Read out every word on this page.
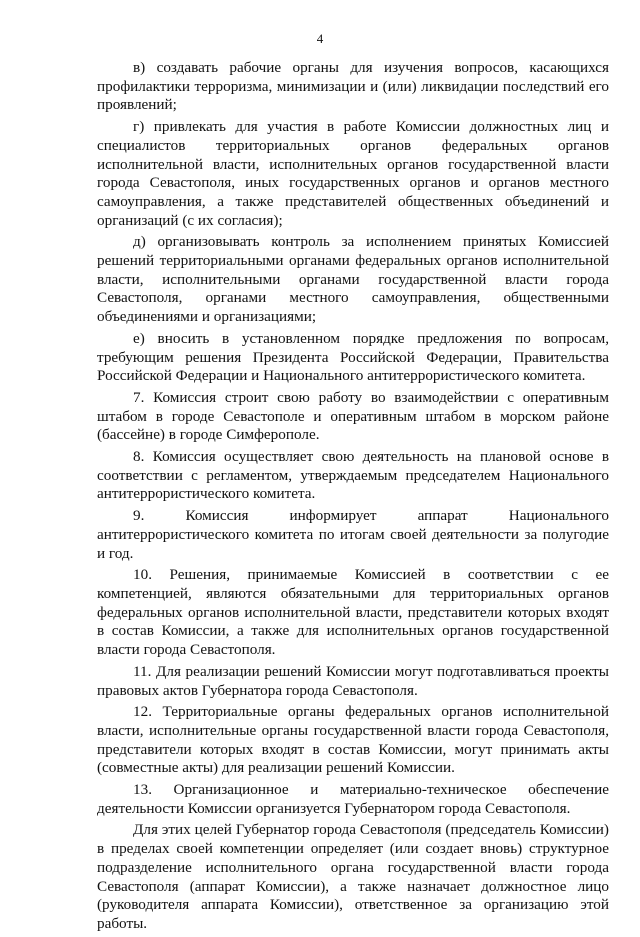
4

в) создавать рабочие органы для изучения вопросов, касающихся профилактики терроризма, минимизации и (или) ликвидации последствий его проявлений;

г) привлекать для участия в работе Комиссии должностных лиц и специалистов территориальных органов федеральных органов исполнительной власти, исполнительных органов государственной власти города Севастополя, иных государственных органов и органов местного самоуправления, а также представителей общественных объединений и организаций (с их согласия);

д) организовывать контроль за исполнением принятых Комиссией решений территориальными органами федеральных органов исполнительной власти, исполнительными органами государственной власти города Севастополя, органами местного самоуправления, общественными объединениями и организациями;

е) вносить в установленном порядке предложения по вопросам, требующим решения Президента Российской Федерации, Правительства Российской Федерации и Национального антитеррористического комитета.

7. Комиссия строит свою работу во взаимодействии с оперативным штабом в городе Севастополе и оперативным штабом в морском районе (бассейне) в городе Симферополе.

8. Комиссия осуществляет свою деятельность на плановой основе в соответствии с регламентом, утверждаемым председателем Национального антитеррористического комитета.

9. Комиссия информирует аппарат Национального антитеррористического комитета по итогам своей деятельности за полугодие и год.

10. Решения, принимаемые Комиссией в соответствии с ее компетенцией, являются обязательными для территориальных органов федеральных органов исполнительной власти, представители которых входят в состав Комиссии, а также для исполнительных органов государственной власти города Севастополя.

11. Для реализации решений Комиссии могут подготавливаться проекты правовых актов Губернатора города Севастополя.

12. Территориальные органы федеральных органов исполнительной власти, исполнительные органы государственной власти города Севастополя, представители которых входят в состав Комиссии, могут принимать акты (совместные акты) для реализации решений Комиссии.

13. Организационное и материально-техническое обеспечение деятельности Комиссии организуется Губернатором города Севастополя.

Для этих целей Губернатор города Севастополя (председатель Комиссии) в пределах своей компетенции определяет (или создает вновь) структурное подразделение исполнительного органа государственной власти города Севастополя (аппарат Комиссии), а также назначает должностное лицо (руководителя аппарата Комиссии), ответственное за организацию этой работы.
